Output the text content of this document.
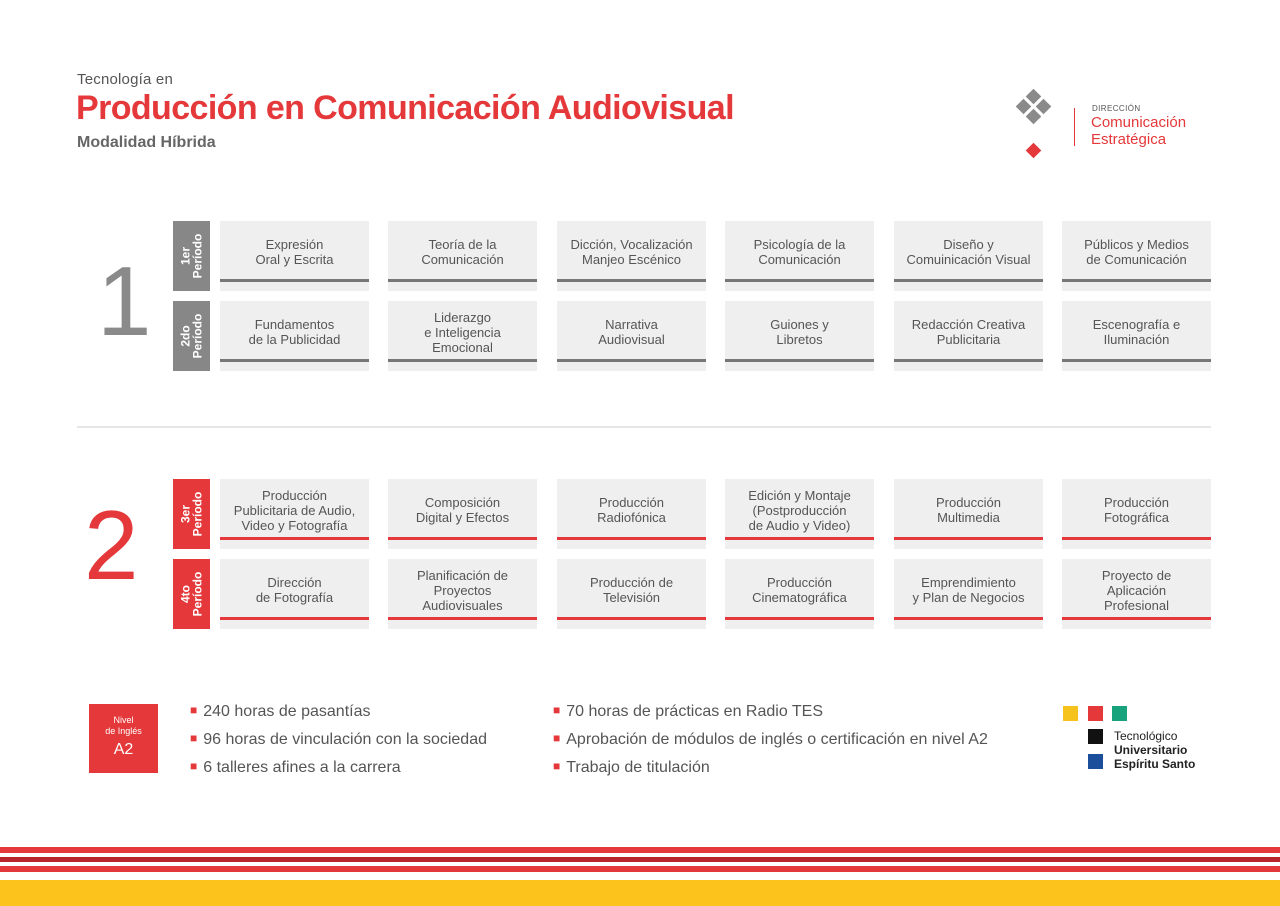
Tecnología en
Producción en Comunicación Audiovisual
Modalidad Híbrida
DIRECCIÓN
Comunicación
Estratégica
1
2
1er
Período
2do
Período
3er
Período
4to
Período
Expresión
Oral y Escrita
Teoría de la
Comunicación
Dicción, Vocalización
Manjeo Escénico
Psicología de la
Comunicación
Diseño y
Comuinicación Visual
Públicos y Medios
de Comunicación
Fundamentos
de la Publicidad
Liderazgo
e Inteligencia
Emocional
Narrativa
Audiovisual
Guiones y
Libretos
Redacción Creativa
Publicitaria
Escenografía e
Iluminación
Producción
Publicitaria de Audio,
Video y Fotografía
Composición
Digital y Efectos
Producción
Radiofónica
Edición y Montaje
(Postproducción
de Audio y Video)
Producción
Multimedia
Producción
Fotográfica
Dirección
de Fotografía
Planificación de
Proyectos
Audiovisuales
Producción de
Televisión
Producción
Cinematográfica
Emprendimiento
y Plan de Negocios
Proyecto de
Aplicación
Profesional
Nivel
de Inglés
A2
■ 240 horas de pasantías
■ 96 horas de vinculación con la sociedad
■ 6 talleres afines a la carrera
■ 70 horas de prácticas en Radio TES
■ Aprobación de módulos de inglés o certificación en nivel A2
■ Trabajo de titulación
Tecnológico
Universitario
Espíritu Santo
